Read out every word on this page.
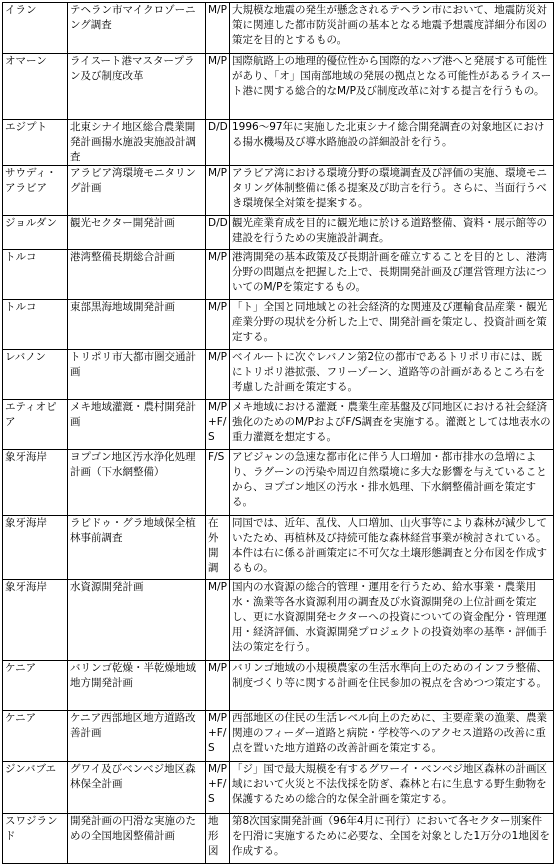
イラン	テヘラン市マイクロゾーニング調査	M/P	大規模な地震の発生が懸念されるテヘラン市において、地震防災対策に関連した都市防災計画の基本となる地震予想震度詳細分布図の策定を目的とするもの。
オマーン	ライスート港マスタープラン及び制度改革	M/P	国際航路上の地理的優位性から国際的なハブ港へと発展する可能性があり、「オ」国南部地域の発展の拠点となる可能性があるライスート港に関する総合的なM/P及び制度改革に対する提言を行うもの。
エジプト	北東シナイ地区総合農業開発計画揚水施設実施設計調査	D/D	1996～97年に実施した北東シナイ総合開発調査の対象地区における揚水機場及び導水路施設の詳細設計を行う。
サウディ・アラビア	アラビア湾環境モニタリング計画	M/P	アラビア湾における環境分野の環境調査及び評価の実施、環境モニタリング体制整備に係る提案及び助言を行う。さらに、当面行うべき環境保全対策を提案する。
ジョルダン	観光セクター開発計画	D/D	観光産業育成を目的に観光地に於ける道路整備、資料・展示館等の建設を行うための実施設計調査。
トルコ	港湾整備長期総合計画	M/P	港湾開発の基本政策及び長期計画を確立することを目的とし、港湾分野の問題点を把握した上で、長期開発計画及び運営管理方法についてのM/Pを策定するもの。
トルコ	東部黒海地域開発計画	M/P	「ト」全国と同地域との社会経済的な関連及び運輸食品産業・観光産業分野の現状を分析した上で、開発計画を策定し、投資計画を策定する。
レバノン	トリポリ市大都市圏交通計画	M/P	ベイルートに次ぐレバノン第2位の都市であるトリポリ市には、既にトリポリ港拡張、フリーゾーン、道路等の計画があるところ右を考慮した計画を策定する。
エティオピア	メキ地域灌漑・農村開発計画	M/P+F/S	メキ地域における灌漑・農業生産基盤及び同地区における社会経済強化のためのM/PおよびF/S調査を実施する。灌漑としては地表水の重力灌漑を想定する。
象牙海岸	ヨプゴン地区汚水浄化処理計画（下水網整備）	F/S	アビジャンの急速な都市化に伴う人口増加・都市排水の急増により、ラグーンの汚染や周辺自然環境に多大な影響を与えていることから、ヨプゴン地区の汚水・排水処理、下水網整備計画を策定する。
象牙海岸	ラビドゥ・グラ地域保全植林事前調査	在外開調	同国では、近年、乱伐、人口増加、山火事等により森林が減少していたため、再植林及び持続可能な森林経営事業が検討されている。本件は右に係る計画策定に不可欠な土壌形態調査と分布図を作成するもの。
象牙海岸	水資源開発計画	M/P	国内の水資源の総合的管理・運用を行うため、給水事業・農業用水・漁業等各水資源利用の調査及び水資源開発の上位計画を策定し、更に水資源開発セクターへの投資についての資金配分・管理運用・経済評価、水資源開発プロジェクトの投資効率の基準・評価手法の策定を行う。
ケニア	バリンゴ乾燥・半乾燥地域地方開発計画	M/P	バリンゴ地域の小規模農家の生活水準向上のためのインフラ整備、制度づくり等に関する計画を住民参加の視点を含めつつ策定する。
ケニア	ケニア西部地区地方道路改善計画	M/P+F/S	西部地区の住民の生活レベル向上のために、主要産業の漁業、農業関連のフィーダー道路と病院・学校等へのアクセス道路の改善に重点を置いた地方道路の改善計画を策定する。
ジンバブエ	グワイ及びベンベジ地区森林保全計画	M/P+F/S	「ジ」国で最大規模を有するグワーイ・ベンベジ地区森林の計画区域において火災と不法伐採を防ぎ、森林と右に生息する野生動物を保護するための総合的な保全計画を策定する。
スワジランド	開発計画の円滑な実施のための全国地図整備計画	地形図	第8次国家開発計画（96年4月に刊行）において各セクター別案件を円滑に実施するために必要な、全国を対象とした1万分の1地図を作成する。
